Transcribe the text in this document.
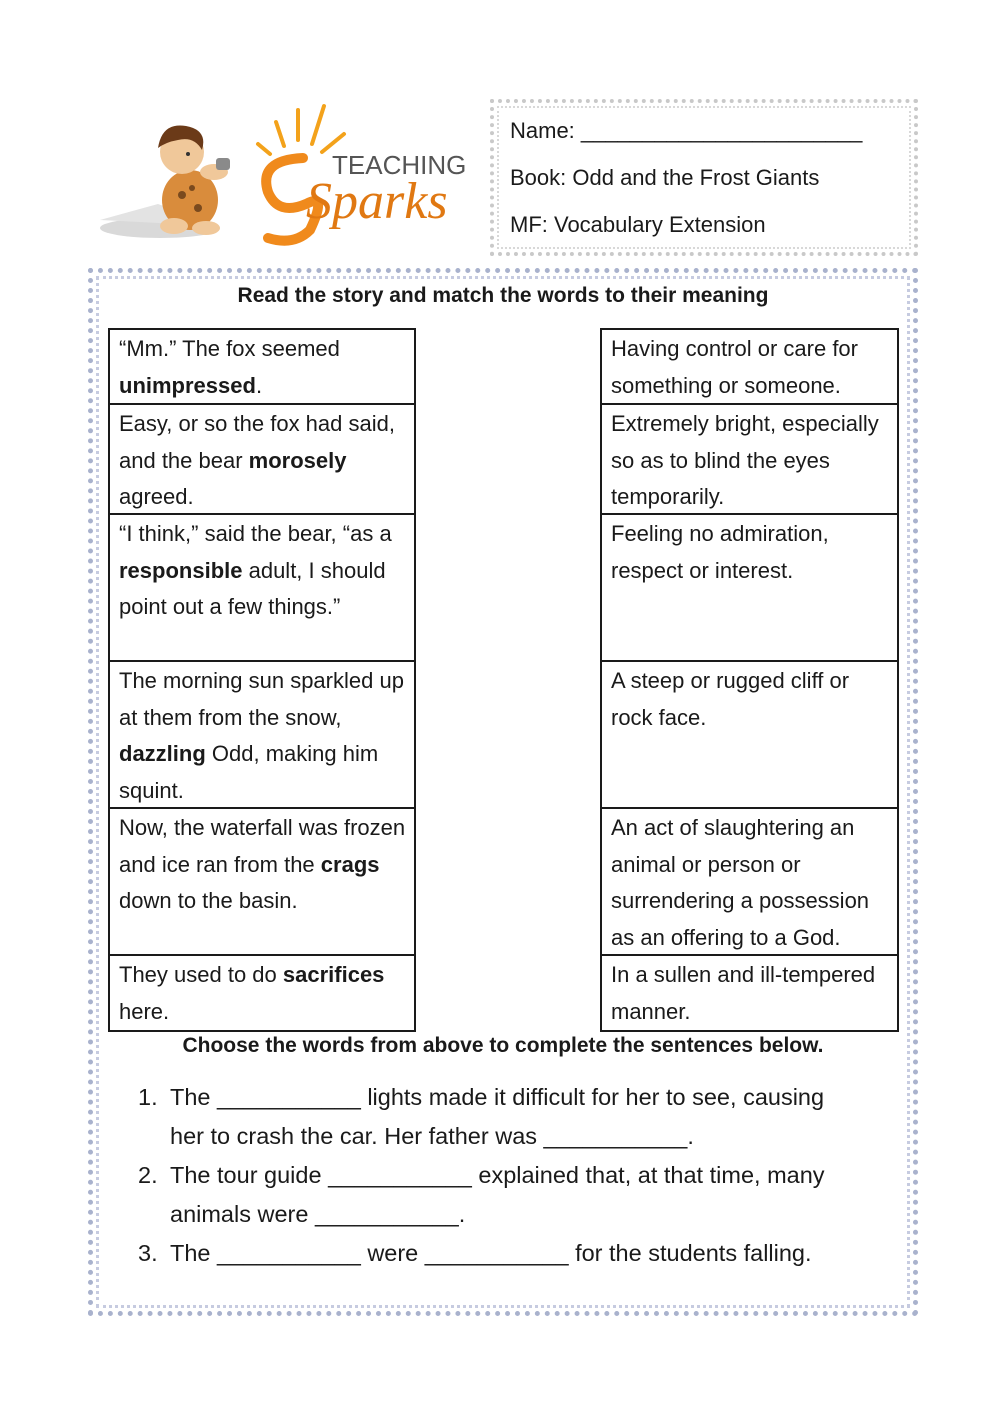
TEACHING
Sparks
Name: _______________________
Book: Odd and the Frost Giants
MF: Vocabulary Extension
Read the story and match the words to their meaning
“Mm.” The fox seemed unimpressed.
Easy, or so the fox had said, and the bear morosely agreed.
“I think,” said the bear, “as a responsible adult, I should point out a few things.”
The morning sun sparkled up at them from the snow, dazzling Odd, making him squint.
Now, the waterfall was frozen and ice ran from the crags down to the basin.
They used to do sacrifices here.
Having control or care for something or someone.
Extremely bright, especially so as to blind the eyes temporarily.
Feeling no admiration, respect or interest.
A steep or rugged cliff or rock face.
An act of slaughtering an animal or person or surrendering a possession as an offering to a God.
In a sullen and ill-tempered manner.
Choose the words from above to complete the sentences below.
1. The ___________ lights made it difficult for her to see, causing
her to crash the car. Her father was ___________.
2. The tour guide ___________ explained that, at that time, many
animals were ___________.
3. The ___________ were ___________ for the students falling.
